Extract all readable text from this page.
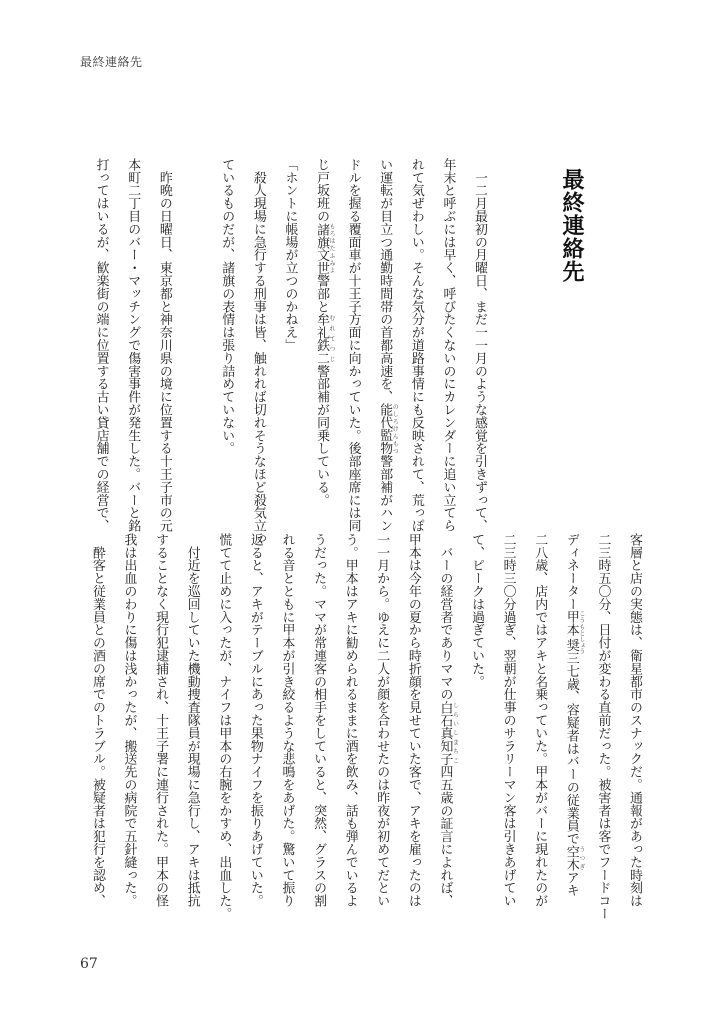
最終連絡先
最終連絡先
　一二月最初の月曜日、まだ一一月のような感覚を引きずって、
年末と呼ぶには早く、呼びたくないのにカレンダーに追い立てら
れて気ぜわしい。そんな気分が道路事情にも反映されて、荒っぽ
い運転が目立つ通勤時間帯の首都高速を、能代監物 のしろけんもつ警部補がハン
ドルを握る覆面車が十王子方面に向かっていた。後部座席には同
じ戸坂班の諸旗文世 もろはたふみよ警部と牟礼鉄二 むれてつじ警部補が同乗している。
「ホントに帳場が立つのかねえ」
　殺人現場に急行する刑事は皆、触れれば切れそうなほど殺気立っ
ているものだが、諸旗の表情は張り詰めていない。
　昨晩の日曜日、東京都と神奈川県の境に位置する十王子市の元
本町二丁目のバー・マッチングで傷害事件が発生した。バーと銘
打ってはいるが、歓楽街の端に位置する古い貸店舗での経営で、
客層と店の実態は、衛星都市のスナックだ。通報があった時刻は
二三時五〇分、日付が変わる直前だった。被害者は客でフードコー
ディネーター甲本 こうもと奨 しょう三七歳、容疑者はバーの従業員で空木 うつぎアキ
二八歳、店内ではアキと名乗っていた。甲本がバーに現れたのが
二三時三〇分過ぎ、翌朝が仕事のサラリーマン客は引きあげてい
て、ピークは過ぎていた。
　バーの経営者でありママの白石真知子 しらいしまちこ四五歳の証言によれば、
甲本は今年の夏から時折顔を見せていた客で、アキを雇ったのは
一一月から。ゆえに二人が顔を合わせたのは昨夜が初めてだとい
う。甲本はアキに勧められるままに酒を飲み、話も弾んでいるよ
うだった。ママが常連客の相手をしていると、突然、グラスの割
れる音とともに甲本が引き絞るような悲鳴をあげた。驚いて振り
返ると、アキがテーブルにあった果物ナイフを振りあげていた。
慌てて止めに入ったが、ナイフは甲本の右腕をかすめ、出血した。
　付近を巡回していた機動捜査隊員が現場に急行し、アキは抵抗
することなく現行犯逮捕され、十王子署に連行された。甲本の怪
我は出血のわりに傷は浅かったが、搬送先の病院で五針縫った。
　酔客と従業員との酒の席でのトラブル。被疑者は犯行を認め、
67
